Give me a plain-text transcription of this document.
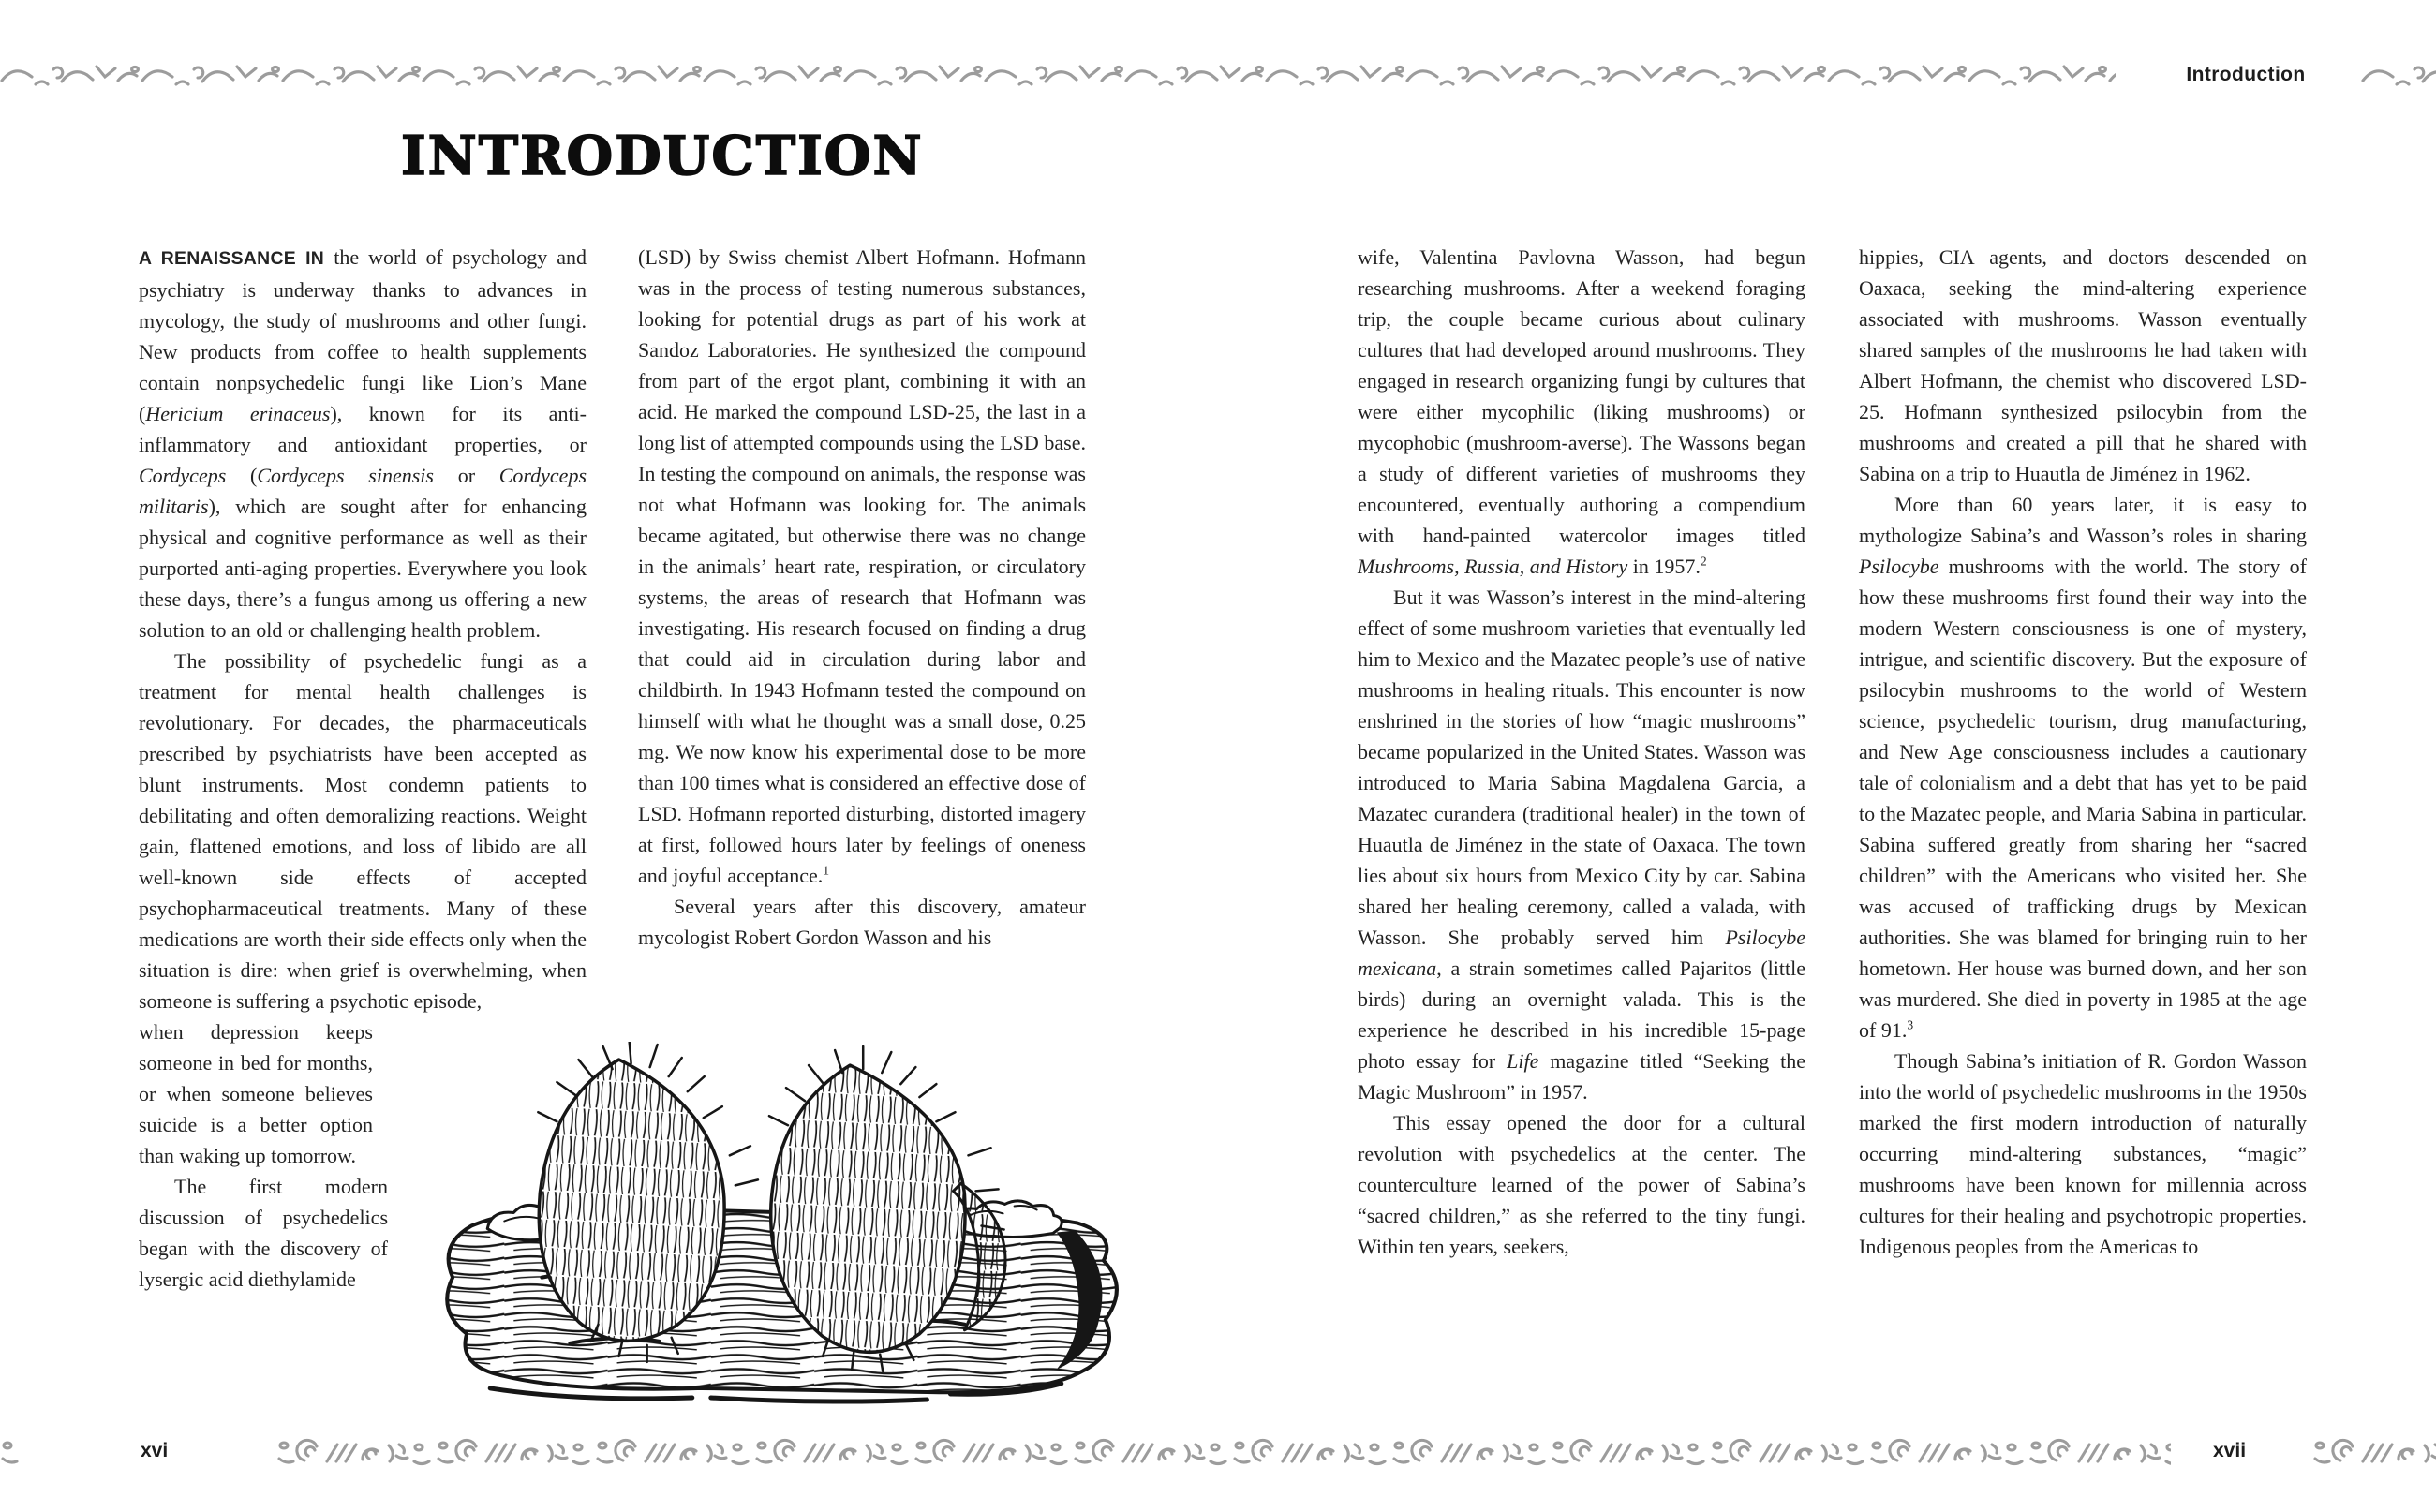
Introduction
INTRODUCTION

A RENAISSANCE IN the world of psychology and psychiatry is underway thanks to advances in mycology, the study of mushrooms and other fungi. New products from coffee to health supplements contain nonpsychedelic fungi like Lion’s Mane (Hericium erinaceus), known for its anti-inflammatory and antioxidant properties, or Cordyceps (Cordyceps sinensis or Cordyceps militaris), which are sought after for enhancing physical and cognitive performance as well as their purported anti-aging properties. Everywhere you look these days, there’s a fungus among us offering a new solution to an old or challenging health problem.

The possibility of psychedelic fungi as a treatment for mental health challenges is revolutionary. For decades, the pharmaceuticals prescribed by psychiatrists have been accepted as blunt instruments. Most condemn patients to debilitating and often demoralizing reactions. Weight gain, flattened emotions, and loss of libido are all well-known side effects of accepted psychopharmaceutical treatments. Many of these medications are worth their side effects only when the situation is dire: when grief is overwhelming, when someone is suffering a psychotic episode,

when depression keeps someone in bed for months, or when someone believes suicide is a better option than waking up tomorrow.

The first modern discussion of psychedelics began with the discovery of lysergic acid diethylamide

(LSD) by Swiss chemist Albert Hofmann. Hofmann was in the process of testing numerous substances, looking for potential drugs as part of his work at Sandoz Laboratories. He synthesized the compound from part of the ergot plant, combining it with an acid. He marked the compound LSD-25, the last in a long list of attempted compounds using the LSD base. In testing the compound on animals, the response was not what Hofmann was looking for. The animals became agitated, but otherwise there was no change in the animals’ heart rate, respiration, or circulatory systems, the areas of research that Hofmann was investigating. His research focused on finding a drug that could aid in circulation during labor and childbirth. In 1943 Hofmann tested the compound on himself with what he thought was a small dose, 0.25 mg. We now know his experimental dose to be more than 100 times what is considered an effective dose of LSD. Hofmann reported disturbing, distorted imagery at first, followed hours later by feelings of oneness and joyful acceptance.$^1$

Several years after this discovery, amateur mycologist Robert Gordon Wasson and his

wife, Valentina Pavlovna Wasson, had begun researching mushrooms. After a weekend foraging trip, the couple became curious about culinary cultures that had developed around mushrooms. They engaged in research organizing fungi by cultures that were either mycophilic (liking mushrooms) or mycophobic (mushroom-averse). The Wassons began a study of different varieties of mushrooms they encountered, eventually authoring a compendium with hand-painted watercolor images titled Mushrooms, Russia, and History in 1957.$^2$

But it was Wasson’s interest in the mind-altering effect of some mushroom varieties that eventually led him to Mexico and the Mazatec people’s use of native mushrooms in healing rituals. This encounter is now enshrined in the stories of how “magic mushrooms” became popularized in the United States. Wasson was introduced to Maria Sabina Magdalena Garcia, a Mazatec curandera (traditional healer) in the town of Huautla de Jiménez in the state of Oaxaca. The town lies about six hours from Mexico City by car. Sabina shared her healing ceremony, called a valada, with Wasson. She probably served him Psilocybe mexicana, a strain sometimes called Pajaritos (little birds) during an overnight valada. This is the experience he described in his incredible 15-page photo essay for Life magazine titled “Seeking the Magic Mushroom” in 1957.

This essay opened the door for a cultural revolution with psychedelics at the center. The counterculture learned of the power of Sabina’s “sacred children,” as she referred to the tiny fungi. Within ten years, seekers,

hippies, CIA agents, and doctors descended on Oaxaca, seeking the mind-altering experience associated with mushrooms. Wasson eventually shared samples of the mushrooms he had taken with Albert Hofmann, the chemist who discovered LSD-25. Hofmann synthesized psilocybin from the mushrooms and created a pill that he shared with Sabina on a trip to Huautla de Jiménez in 1962.

More than 60 years later, it is easy to mythologize Sabina’s and Wasson’s roles in sharing Psilocybe mushrooms with the world. The story of how these mushrooms first found their way into the modern Western consciousness is one of mystery, intrigue, and scientific discovery. But the exposure of psilocybin mushrooms to the world of Western science, psychedelic tourism, drug manufacturing, and New Age consciousness includes a cautionary tale of colonialism and a debt that has yet to be paid to the Mazatec people, and Maria Sabina in particular. Sabina suffered greatly from sharing her “sacred children” with the Americans who visited her. She was accused of trafficking drugs by Mexican authorities. She was blamed for bringing ruin to her hometown. Her house was burned down, and her son was murdered. She died in poverty in 1985 at the age of 91.$^3$

Though Sabina’s initiation of R. Gordon Wasson into the world of psychedelic mushrooms in the 1950s marked the first modern introduction of naturally occurring mind-altering substances, “magic” mushrooms have been known for millennia across cultures for their healing and psychotropic properties. Indigenous peoples from the Americas to

xvi	xvii
